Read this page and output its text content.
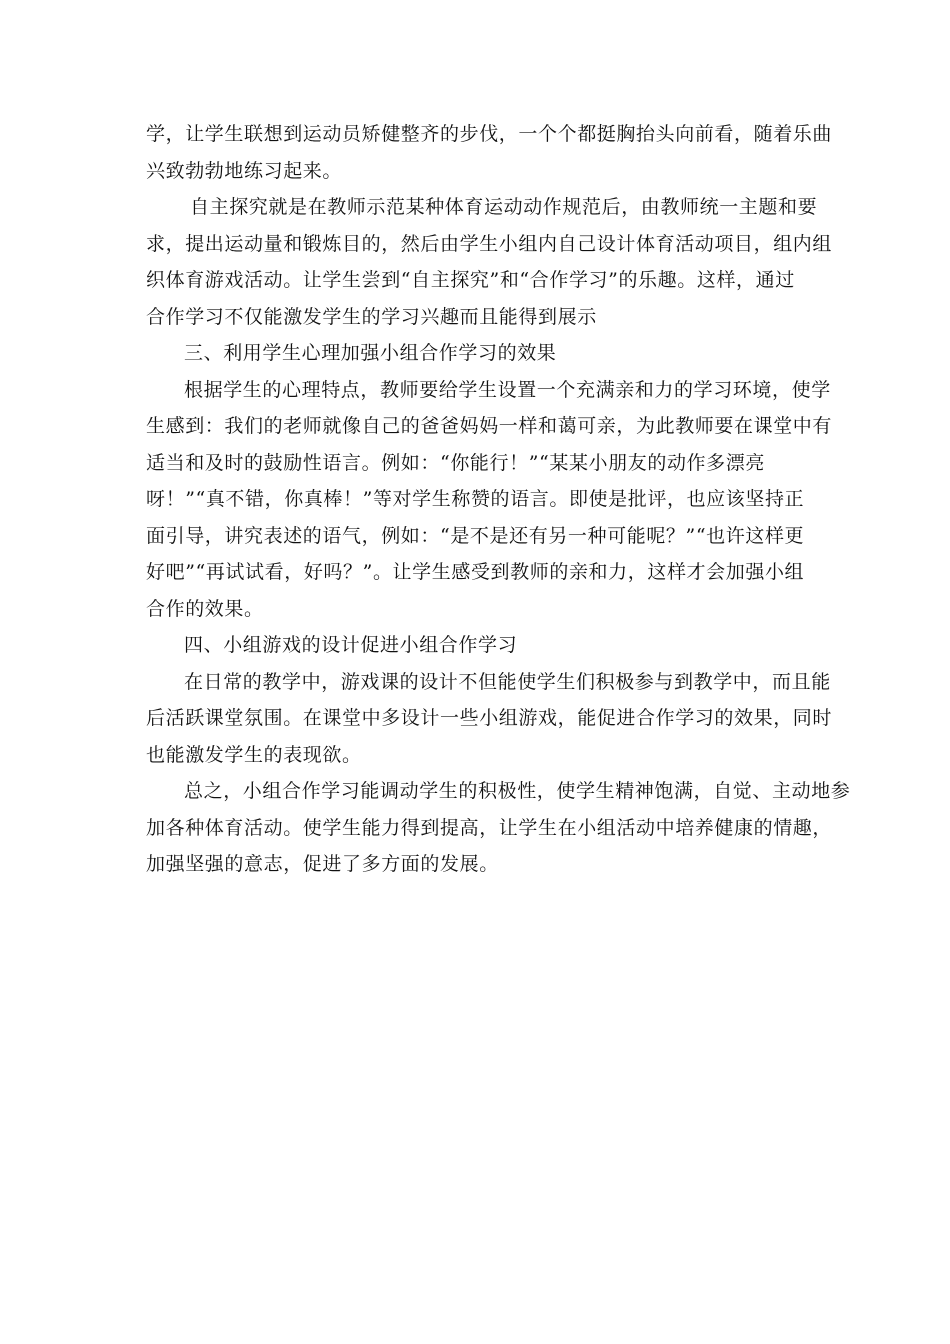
学，让学生联想到运动员矫健整齐的步伐，一个个都挺胸抬头向前看，随着乐曲
兴致勃勃地练习起来。
自主探究就是在教师示范某种体育运动动作规范后，由教师统一主题和要
求，提出运动量和锻炼目的，然后由学生小组内自己设计体育活动项目，组内组
织体育游戏活动。让学生尝到“自主探究”和“合作学习”的乐趣。这样，通过
合作学习不仅能激发学生的学习兴趣而且能得到展示
三、利用学生心理加强小组合作学习的效果
根据学生的心理特点，教师要给学生设置一个充满亲和力的学习环境，使学
生感到：我们的老师就像自己的爸爸妈妈一样和蔼可亲，为此教师要在课堂中有
适当和及时的鼓励性语言。例如：“你能行！”“某某小朋友的动作多漂亮
呀！”“真不错，你真棒！”等对学生称赞的语言。即使是批评，也应该坚持正
面引导，讲究表述的语气，例如：“是不是还有另一种可能呢？”“也许这样更
好吧”“再试试看，好吗？”。让学生感受到教师的亲和力，这样才会加强小组
合作的效果。
四、小组游戏的设计促进小组合作学习
在日常的教学中，游戏课的设计不但能使学生们积极参与到教学中，而且能
后活跃课堂氛围。在课堂中多设计一些小组游戏，能促进合作学习的效果，同时
也能激发学生的表现欲。
总之，小组合作学习能调动学生的积极性，使学生精神饱满，自觉、主动地参
加各种体育活动。使学生能力得到提高，让学生在小组活动中培养健康的情趣，
加强坚强的意志，促进了多方面的发展。
